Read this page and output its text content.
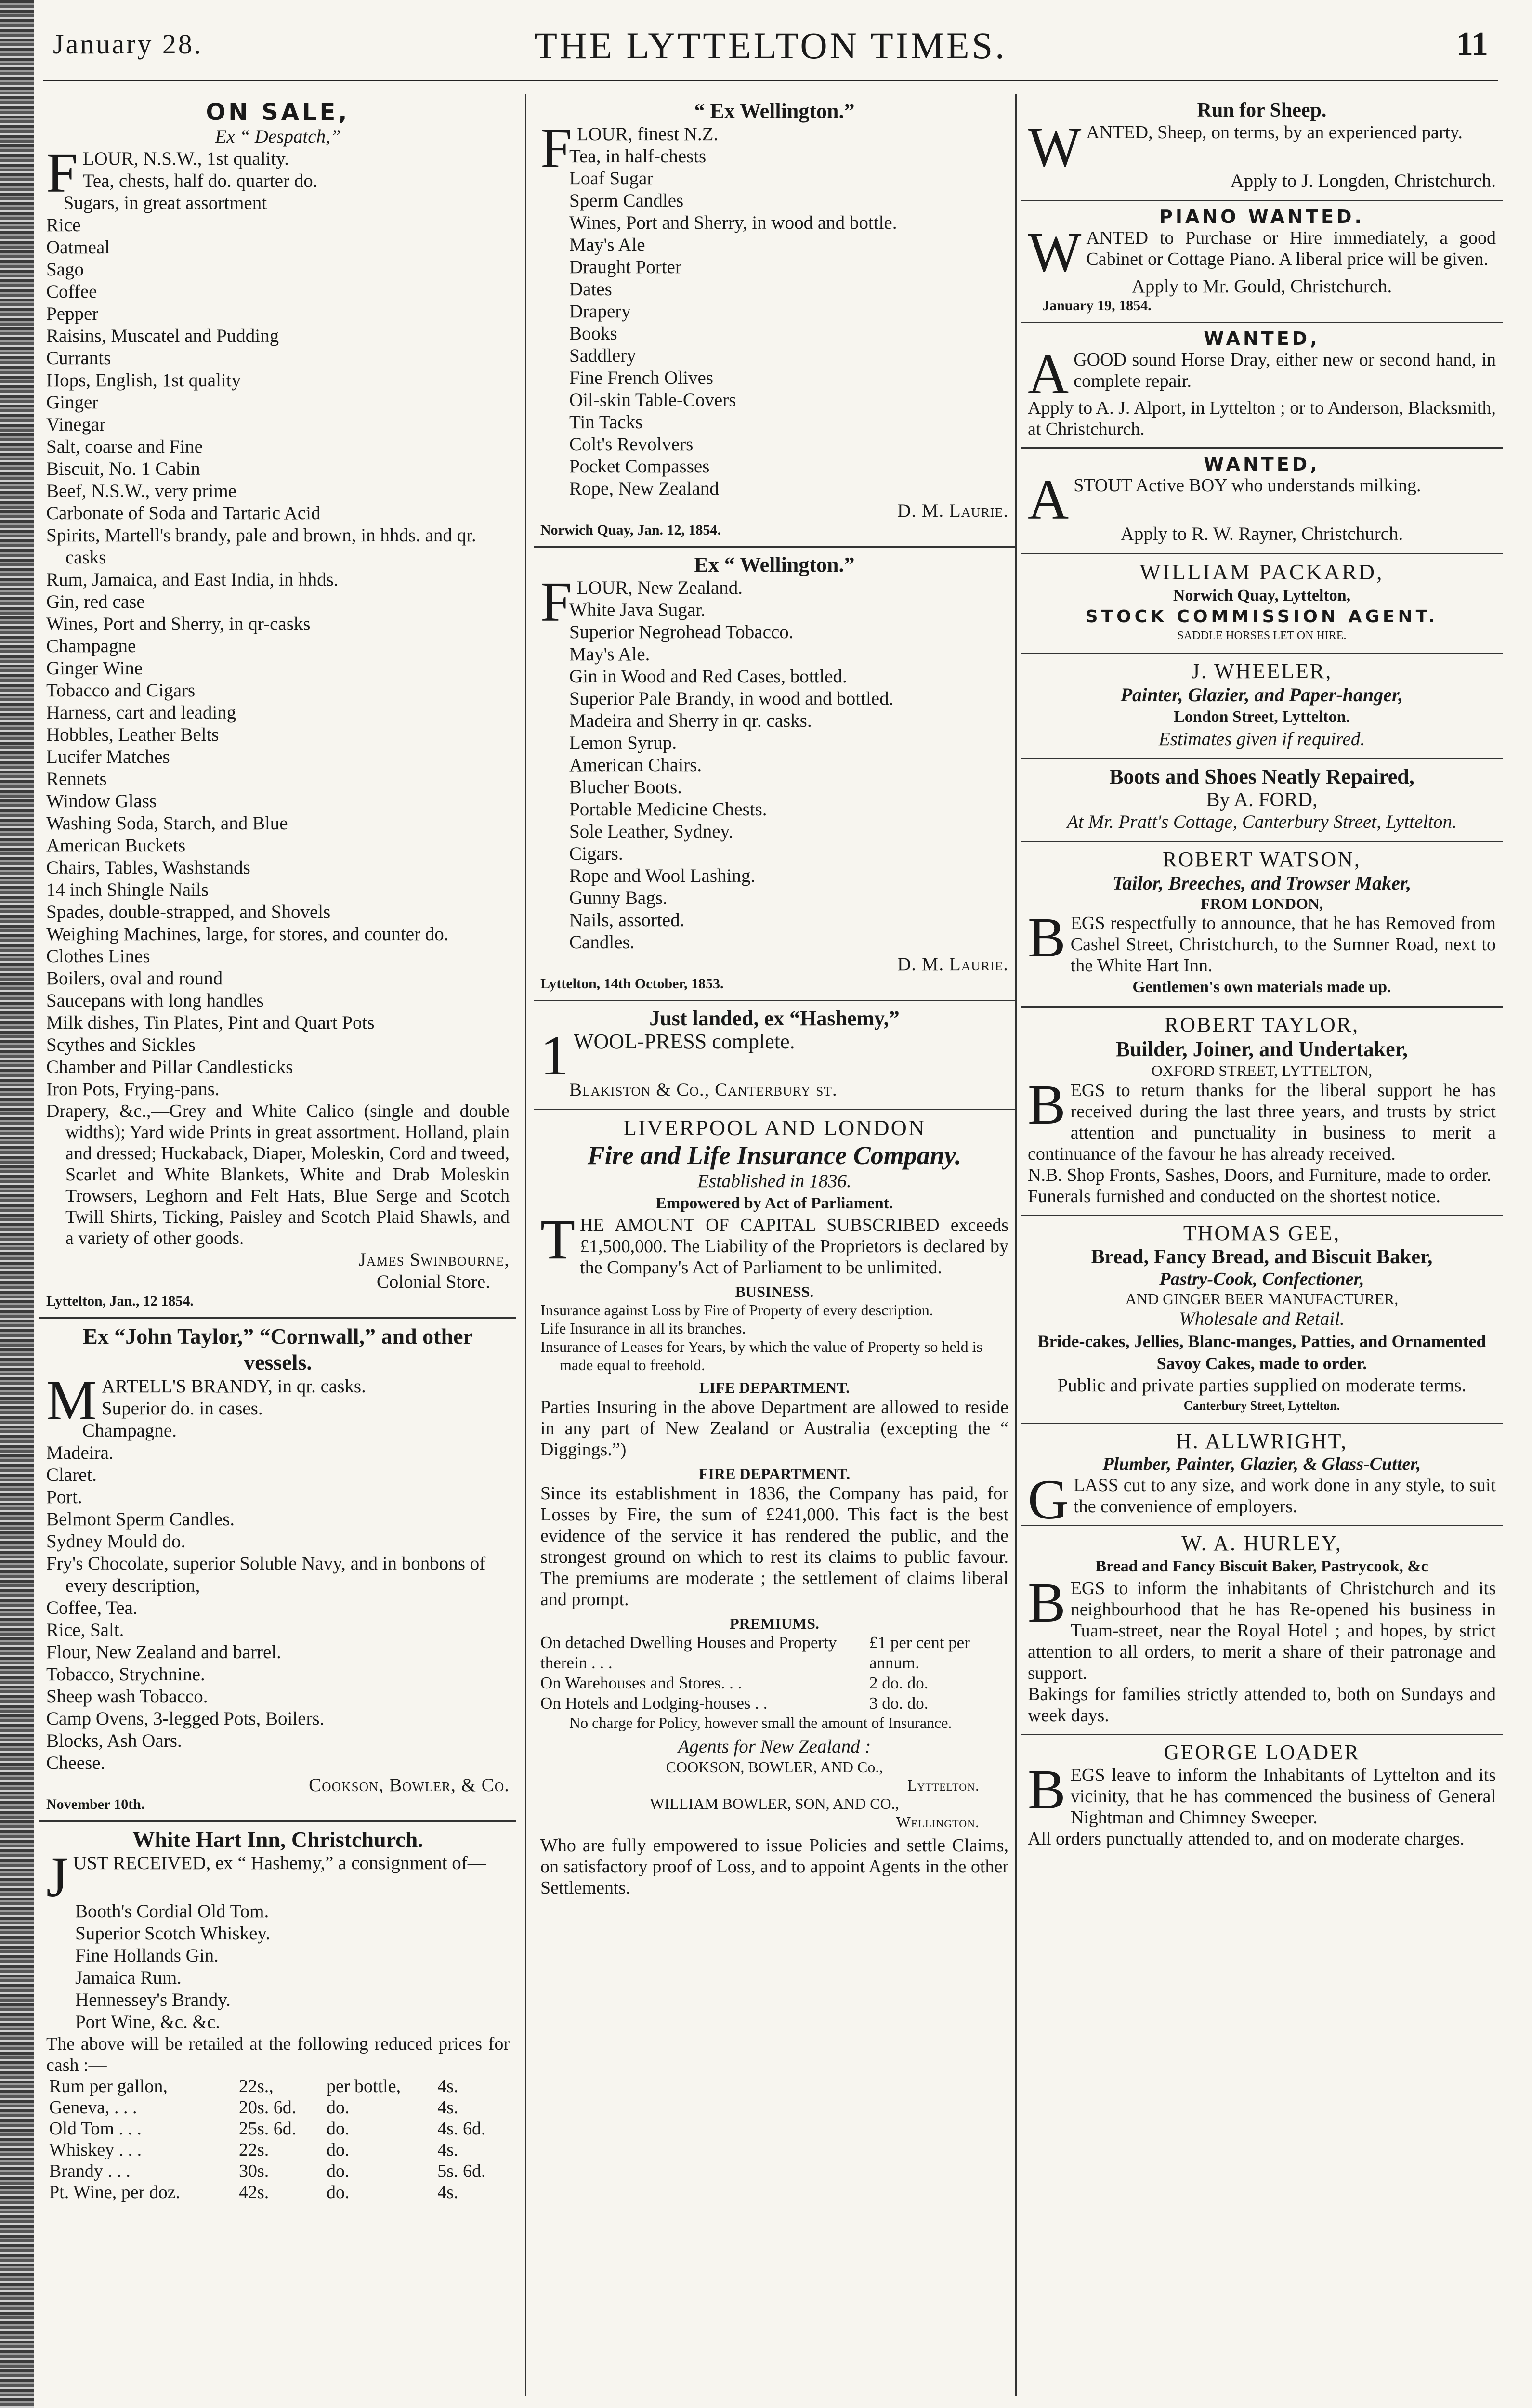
January 28.	THE LYTTELTON TIMES.	11
ON SALE,
Ex “ Despatch,”
FLOUR, N.S.W., 1st quality.
Tea, chests, half do. quarter do.
Sugars, in great assortment
Rice
Oatmeal
Sago
Coffee
Pepper
Raisins, Muscatel and Pudding
Currants
Hops, English, 1st quality
Ginger
Vinegar
Salt, coarse and Fine
Biscuit, No. 1 Cabin
Beef, N.S.W., very prime
Carbonate of Soda and Tartaric Acid
Spirits, Martell's brandy, pale and brown, in hhds. and qr. casks
Rum, Jamaica, and East India, in hhds.
Gin, red case
Wines, Port and Sherry, in qr-casks
Champagne
Ginger Wine
Tobacco and Cigars
Harness, cart and leading
Hobbles, Leather Belts
Lucifer Matches
Rennets
Window Glass
Washing Soda, Starch, and Blue
American Buckets
Chairs, Tables, Washstands
14 inch Shingle Nails
Spades, double-strapped, and Shovels
Weighing Machines, large, for stores, and counter do.
Clothes Lines
Boilers, oval and round
Saucepans with long handles
Milk dishes, Tin Plates, Pint and Quart Pots
Scythes and Sickles
Chamber and Pillar Candlesticks
Iron Pots, Frying-pans.
Drapery, &c.,—Grey and White Calico (single and double widths); Yard wide Prints in great assortment. Holland, plain and dressed; Huckaback, Diaper, Moleskin, Cord and tweed, Scarlet and White Blankets, White and Drab Moleskin Trowsers, Leghorn and Felt Hats, Blue Serge and Scotch Twill Shirts, Ticking, Paisley and Scotch Plaid Shawls, and a variety of other goods.
James Swinbourne,
Colonial Store.
Lyttelton, Jan., 12 1854.
Ex “John Taylor,” “Cornwall,” and other vessels.
MARTELL'S BRANDY, in qr. casks.
Superior do. in cases.
Champagne.
Madeira.
Claret.
Port.
Belmont Sperm Candles.
Sydney Mould do.
Fry's Chocolate, superior Soluble Navy, and in bonbons of every description,
Coffee, Tea.
Rice, Salt.
Flour, New Zealand and barrel.
Tobacco, Strychnine.
Sheep wash Tobacco.
Camp Ovens, 3-legged Pots, Boilers.
Blocks, Ash Oars.
Cheese.
Cookson, Bowler, & Co.
November 10th.
White Hart Inn, Christchurch.
JUST RECEIVED, ex “ Hashemy,” a consignment of—
Booth's Cordial Old Tom.
Superior Scotch Whiskey.
Fine Hollands Gin.
Jamaica Rum.
Hennessey's Brandy.
Port Wine, &c. &c.
The above will be retailed at the following reduced prices for cash :—
Rum per gallon,	22s.,	per bottle,	4s.
Geneva, . . .	20s. 6d.	do.	4s.
Old Tom . . .	25s. 6d.	do.	4s. 6d.
Whiskey . . .	22s.	do.	4s.
Brandy . . .	30s.	do.	5s. 6d.
Pt. Wine, per doz.	42s.	do.	4s.
“ Ex Wellington.”
FLOUR, finest N.Z.
Tea, in half-chests
Loaf Sugar
Sperm Candles
Wines, Port and Sherry, in wood and bottle.
May's Ale
Draught Porter
Dates
Drapery
Books
Saddlery
Fine French Olives
Oil-skin Table-Covers
Tin Tacks
Colt's Revolvers
Pocket Compasses
Rope, New Zealand
D. M. Laurie.
Norwich Quay, Jan. 12, 1854.
Ex “ Wellington.”
FLOUR, New Zealand.
White Java Sugar.
Superior Negrohead Tobacco.
May's Ale.
Gin in Wood and Red Cases, bottled.
Superior Pale Brandy, in wood and bottled.
Madeira and Sherry in qr. casks.
Lemon Syrup.
American Chairs.
Blucher Boots.
Portable Medicine Chests.
Sole Leather, Sydney.
Cigars.
Rope and Wool Lashing.
Gunny Bags.
Nails, assorted.
Candles.
D. M. Laurie.
Lyttelton, 14th October, 1853.
Just landed, ex “Hashemy,”
1 WOOL-PRESS complete.
Blakiston & Co., Canterbury st.
LIVERPOOL AND LONDON
Fire and Life Insurance Company.
Established in 1836.
Empowered by Act of Parliament.
THE AMOUNT OF CAPITAL SUBSCRIBED exceeds £1,500,000. The Liability of the Proprietors is declared by the Company's Act of Parliament to be unlimited.
BUSINESS.
Insurance against Loss by Fire of Property of every description.
Life Insurance in all its branches.
Insurance of Leases for Years, by which the value of Property so held is made equal to freehold.
LIFE DEPARTMENT.
Parties Insuring in the above Department are allowed to reside in any part of New Zealand or Australia (excepting the “ Diggings.”)
FIRE DEPARTMENT.
Since its establishment in 1836, the Company has paid, for Losses by Fire, the sum of £241,000. This fact is the best evidence of the service it has rendered the public, and the strongest ground on which to rest its claims to public favour. The premiums are moderate ; the settlement of claims liberal and prompt.
PREMIUMS.
On detached Dwelling Houses and Property therein . . .	£1 per cent per annum.
On Warehouses and Stores. . .	2 do. do.
On Hotels and Lodging-houses . .	3 do. do.
No charge for Policy, however small the amount of Insurance.
Agents for New Zealand :
COOKSON, BOWLER, AND Co.,
Lyttelton.
WILLIAM BOWLER, SON, AND CO.,
Wellington.
Who are fully empowered to issue Policies and settle Claims, on satisfactory proof of Loss, and to appoint Agents in the other Settlements.
Run for Sheep.
WANTED, Sheep, on terms, by an experienced party.
Apply to J. Longden, Christchurch.
PIANO WANTED.
WANTED to Purchase or Hire immediately, a good Cabinet or Cottage Piano. A liberal price will be given.
Apply to Mr. Gould, Christchurch.
January 19, 1854.
WANTED,
AGOOD sound Horse Dray, either new or second hand, in complete repair.
Apply to A. J. Alport, in Lyttelton ; or to Anderson, Blacksmith, at Christchurch.
WANTED,
ASTOUT Active BOY who understands milking.
Apply to R. W. Rayner, Christchurch.
WILLIAM PACKARD,
Norwich Quay, Lyttelton,
STOCK COMMISSION AGENT.
SADDLE HORSES LET ON HIRE.
J. WHEELER,
Painter, Glazier, and Paper-hanger,
London Street, Lyttelton.
Estimates given if required.
Boots and Shoes Neatly Repaired,
By A. FORD,
At Mr. Pratt's Cottage, Canterbury Street, Lyttelton.
ROBERT WATSON,
Tailor, Breeches, and Trowser Maker,
FROM LONDON,
BEGS respectfully to announce, that he has Removed from Cashel Street, Christchurch, to the Sumner Road, next to the White Hart Inn.
Gentlemen's own materials made up.
ROBERT TAYLOR,
Builder, Joiner, and Undertaker,
OXFORD STREET, LYTTELTON,
BEGS to return thanks for the liberal support he has received during the last three years, and trusts by strict attention and punctuality in business to merit a continuance of the favour he has already received.
N.B. Shop Fronts, Sashes, Doors, and Furniture, made to order.
Funerals furnished and conducted on the shortest notice.
THOMAS GEE,
Bread, Fancy Bread, and Biscuit Baker,
Pastry-Cook, Confectioner,
AND GINGER BEER MANUFACTURER,
Wholesale and Retail.
Bride-cakes, Jellies, Blanc-manges, Patties, and Ornamented Savoy Cakes, made to order.
Public and private parties supplied on moderate terms.
Canterbury Street, Lyttelton.
H. ALLWRIGHT,
Plumber, Painter, Glazier, & Glass-Cutter,
GLASS cut to any size, and work done in any style, to suit the convenience of employers.
W. A. HURLEY,
Bread and Fancy Biscuit Baker, Pastrycook, &c
BEGS to inform the inhabitants of Christchurch and its neighbourhood that he has Re-opened his business in Tuam-street, near the Royal Hotel ; and hopes, by strict attention to all orders, to merit a share of their patronage and support.
Bakings for families strictly attended to, both on Sundays and week days.
GEORGE LOADER
BEGS leave to inform the Inhabitants of Lyttelton and its vicinity, that he has commenced the business of General Nightman and Chimney Sweeper.
All orders punctually attended to, and on moderate charges.
